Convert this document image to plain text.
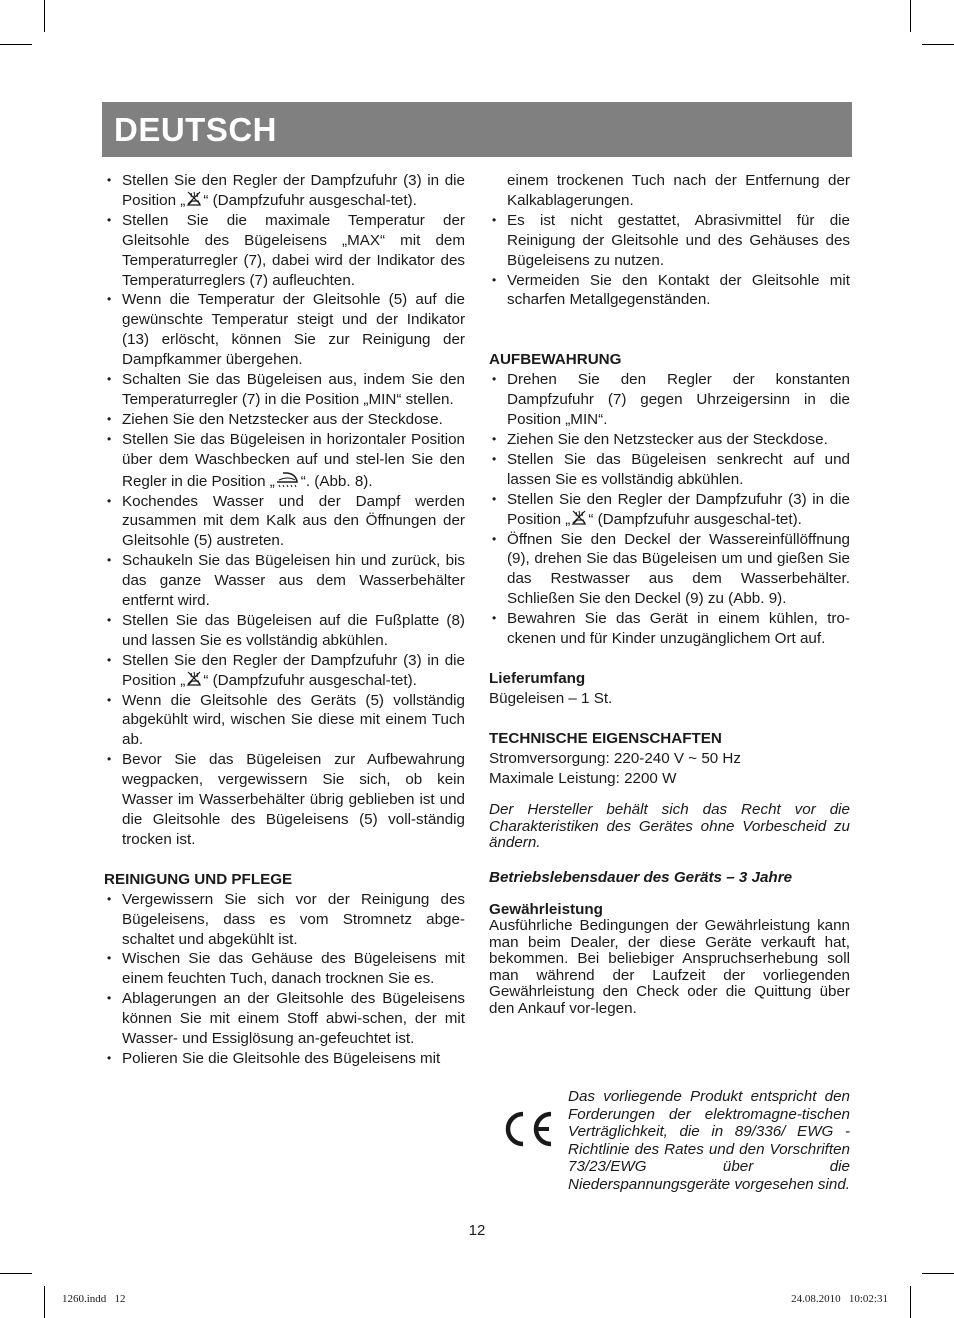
DEUTSCH
• Stellen Sie den Regler der Dampfzufuhr (3) in die Position „ “ (Dampfzufuhr ausgeschal-tet).
• Stellen Sie die maximale Temperatur der Gleitsohle des Bügeleisens „MAX“ mit dem Temperaturregler (7), dabei wird der Indikator des Temperaturreglers (7) aufleuchten.
• Wenn die Temperatur der Gleitsohle (5) auf die gewünschte Temperatur steigt und der Indikator (13) erlöscht, können Sie zur Reinigung der Dampfkammer übergehen.
• Schalten Sie das Bügeleisen aus, indem Sie den Temperaturregler (7) in die Position „MIN“ stellen.
• Ziehen Sie den Netzstecker aus der Steckdose.
• Stellen Sie das Bügeleisen in horizontaler Position über dem Waschbecken auf und stel-len Sie den Regler in die Position „ “. (Abb. 8).
• Kochendes Wasser und der Dampf werden zusammen mit dem Kalk aus den Öffnungen der Gleitsohle (5) austreten.
• Schaukeln Sie das Bügeleisen hin und zurück, bis das ganze Wasser aus dem Wasserbehälter entfernt wird.
• Stellen Sie das Bügeleisen auf die Fußplatte (8) und lassen Sie es vollständig abkühlen.
• Stellen Sie den Regler der Dampfzufuhr (3) in die Position „ “ (Dampfzufuhr ausgeschal-tet).
• Wenn die Gleitsohle des Geräts (5) vollständig abgekühlt wird, wischen Sie diese mit einem Tuch ab.
• Bevor Sie das Bügeleisen zur Aufbewahrung wegpacken, vergewissern Sie sich, ob kein Wasser im Wasserbehälter übrig geblieben ist und die Gleitsohle des Bügeleisens (5) voll-ständig trocken ist.

REINIGUNG UND PFLEGE

• Vergewissern Sie sich vor der Reinigung des Bügeleisens, dass es vom Stromnetz abge-schaltet und abgekühlt ist.
• Wischen Sie das Gehäuse des Bügeleisens mit einem feuchten Tuch, danach trocknen Sie es.
• Ablagerungen an der Gleitsohle des Bügeleisens können Sie mit einem Stoff abwi-schen, der mit Wasser- und Essiglösung an-gefeuchtet ist.
• Polieren Sie die Gleitsohle des Bügeleisens mit

einem trockenen Tuch nach der Entfernung der Kalkablagerungen.

• Es ist nicht gestattet, Abrasivmittel für die Reinigung der Gleitsohle und des Gehäuses des Bügeleisens zu nutzen.
• Vermeiden Sie den Kontakt der Gleitsohle mit scharfen Metallgegenständen.

AUFBEWAHRUNG

• Drehen Sie den Regler der konstanten Dampfzufuhr (7) gegen Uhrzeigersinn in die Position „MIN“.
• Ziehen Sie den Netzstecker aus der Steckdose.
• Stellen Sie das Bügeleisen senkrecht auf und lassen Sie es vollständig abkühlen.
• Stellen Sie den Regler der Dampfzufuhr (3) in die Position „ “ (Dampfzufuhr ausgeschal-tet).
• Öffnen Sie den Deckel der Wassereinfüllöffnung (9), drehen Sie das Bügeleisen um und gießen Sie das Restwasser aus dem Wasserbehälter. Schließen Sie den Deckel (9) zu (Abb. 9).
• Bewahren Sie das Gerät in einem kühlen, tro-ckenen und für Kinder unzugänglichem Ort auf.

Lieferumfang

Bügeleisen – 1 St.

TECHNISCHE EIGENSCHAFTEN

Stromversorgung: 220-240 V ~ 50 Hz

Maximale Leistung: 2200 W

Der Hersteller behält sich das Recht vor die Charakteristiken des Gerätes ohne Vorbescheid zu ändern.

Betriebslebensdauer des Geräts – 3 Jahre

Gewährleistung

Ausführliche Bedingungen der Gewährleistung kann man beim Dealer, der diese Geräte verkauft hat, bekommen. Bei beliebiger Anspruchserhebung soll man während der Laufzeit der vorliegenden Gewährleistung den Check oder die Quittung über den Ankauf vor-legen.

Das vorliegende Produkt entspricht den Forderungen der elektromagne-tischen Verträglichkeit, die in 89/336/ EWG -Richtlinie des Rates und den Vorschriften 73/23/EWG über die Niederspannungsgeräte vorgesehen sind.

12
1260.indd   12	24.08.2010   10:02:31
